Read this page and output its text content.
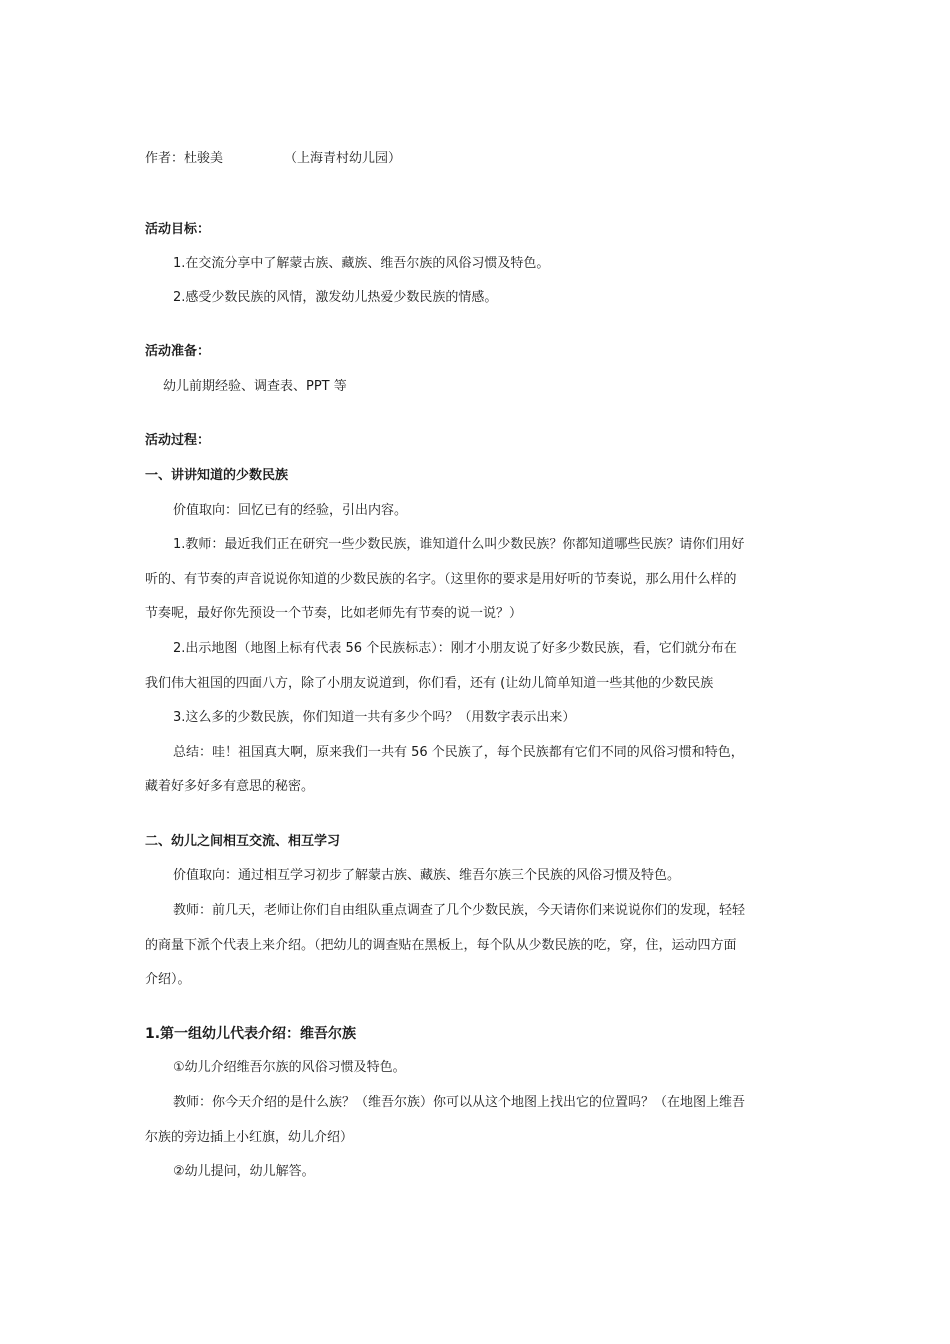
作者：杜骏美	（上海青村幼儿园）
活动目标：
1.在交流分享中了解蒙古族、藏族、维吾尔族的风俗习惯及特色。
2.感受少数民族的风情，激发幼儿热爱少数民族的情感。
活动准备：
幼儿前期经验、调查表、PPT 等
活动过程：
一、讲讲知道的少数民族
价值取向：回忆已有的经验，引出内容。
1.教师：最近我们正在研究一些少数民族，谁知道什么叫少数民族？你都知道哪些民族？请你们用好
听的、有节奏的声音说说你知道的少数民族的名字。（这里你的要求是用好听的节奏说，那么用什么样的
节奏呢，最好你先预设一个节奏，比如老师先有节奏的说一说？）
2.出示地图（地图上标有代表 56 个民族标志）：刚才小朋友说了好多少数民族，看，它们就分布在
我们伟大祖国的四面八方，除了小朋友说道到，你们看，还有 (让幼儿简单知道一些其他的少数民族
3.这么多的少数民族，你们知道一共有多少个吗？（用数字表示出来）
总结：哇！祖国真大啊，原来我们一共有 56 个民族了，每个民族都有它们不同的风俗习惯和特色，
藏着好多好多有意思的秘密。
二、幼儿之间相互交流、相互学习
价值取向：通过相互学习初步了解蒙古族、藏族、维吾尔族三个民族的风俗习惯及特色。
教师：前几天，老师让你们自由组队重点调查了几个少数民族，今天请你们来说说你们的发现，轻轻
的商量下派个代表上来介绍。（把幼儿的调查贴在黑板上，每个队从少数民族的吃，穿，住，运动四方面
介绍）。
1.第一组幼儿代表介绍：维吾尔族
①幼儿介绍维吾尔族的风俗习惯及特色。
教师：你今天介绍的是什么族？（维吾尔族）你可以从这个地图上找出它的位置吗？（在地图上维吾
尔族的旁边插上小红旗，幼儿介绍）
②幼儿提问，幼儿解答。
